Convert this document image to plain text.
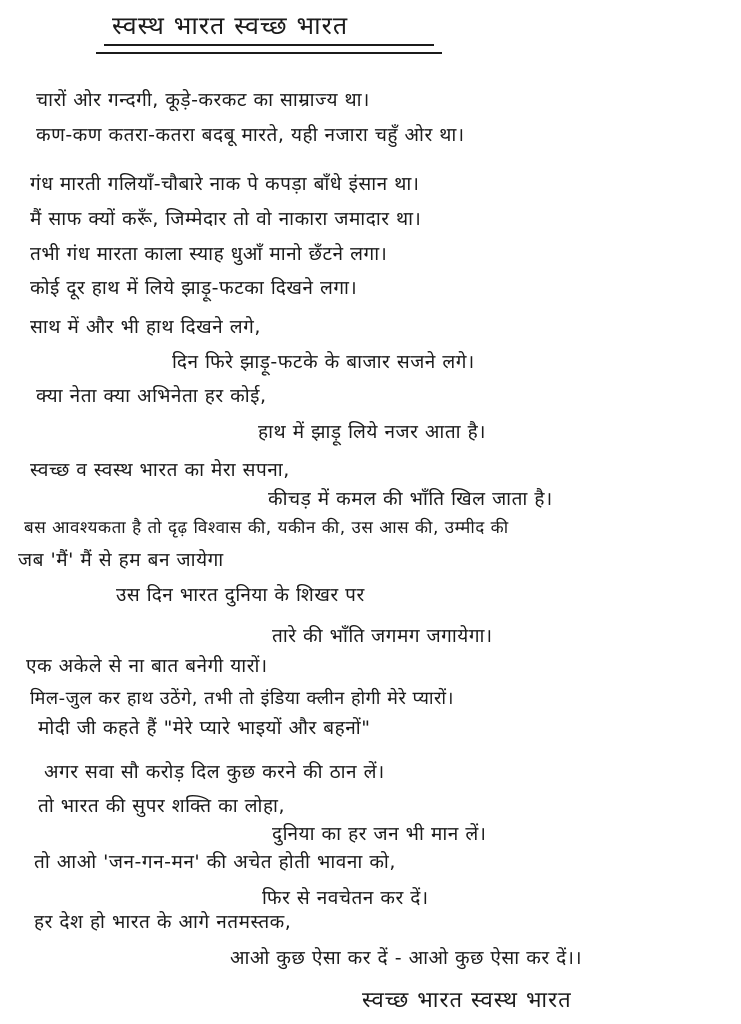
स्वस्थ भारत स्वच्छ भारत
चारों ओर गन्दगी, कूड़े-करकट का साम्राज्य था।
कण-कण कतरा-कतरा बदबू मारते, यही नजारा चहुँ ओर था।
गंध मारती गलियाँ-चौबारे नाक पे कपड़ा बाँधे इंसान था।
मैं साफ क्यों करूँ, जिम्मेदार तो वो नाकारा जमादार था।
तभी गंध मारता काला स्याह धुआँ मानो छँटने लगा।
कोई दूर हाथ में लिये झाड़ू-फटका दिखने लगा।
साथ में और भी हाथ दिखने लगे,
दिन फिरे झाड़ू-फटके के बाजार सजने लगे।
क्या नेता क्या अभिनेता हर कोई,
हाथ में झाड़ू लिये नजर आता है।
स्वच्छ व स्वस्थ भारत का मेरा सपना,
कीचड़ में कमल की भाँति खिल जाता है।
बस आवश्यकता है तो दृढ़ विश्वास की, यकीन की, उस आस की, उम्मीद की
जब 'मैं' मैं से हम बन जायेगा
उस दिन भारत दुनिया के शिखर पर
तारे की भाँति जगमग जगायेगा।
एक अकेले से ना बात बनेगी यारों।
मिल-जुल कर हाथ उठेंगे, तभी तो इंडिया क्लीन होगी मेरे प्यारों।
मोदी जी कहते हैं "मेरे प्यारे भाइयों और बहनों"
अगर सवा सौ करोड़ दिल कुछ करने की ठान लें।
तो भारत की सुपर शक्ति का लोहा,
दुनिया का हर जन भी मान लें।
तो आओ 'जन-गन-मन' की अचेत होती भावना को,
फिर से नवचेतन कर दें।
हर देश हो भारत के आगे नतमस्तक,
आओ कुछ ऐसा कर दें - आओ कुछ ऐसा कर दें।।
स्वच्छ भारत स्वस्थ भारत
